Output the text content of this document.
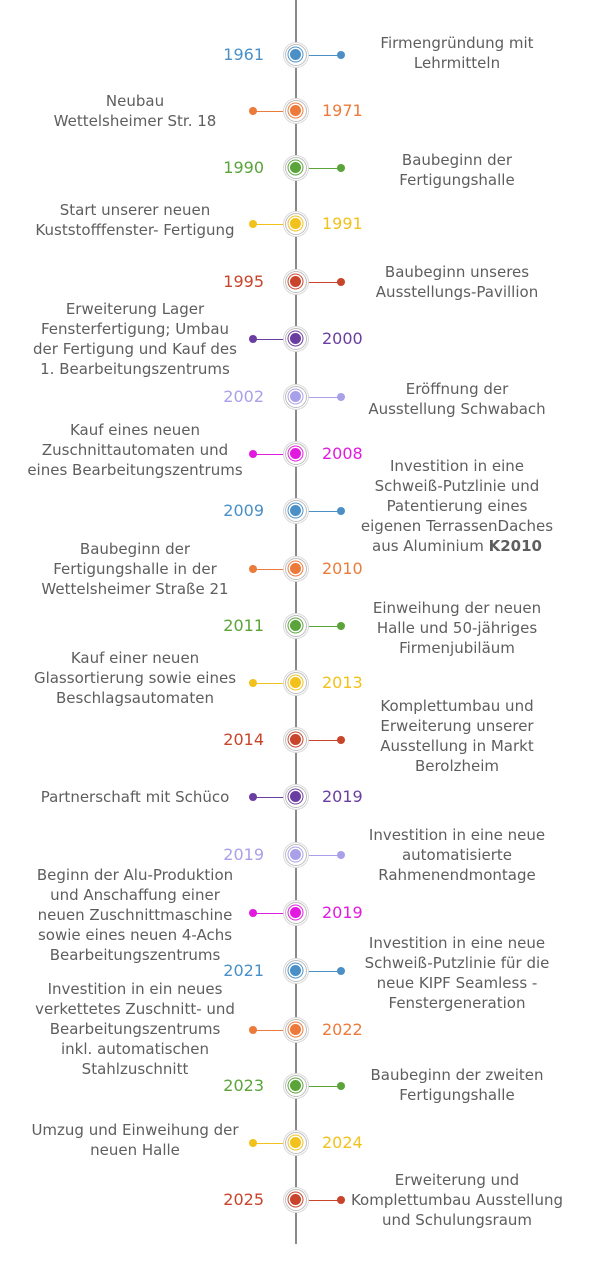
1961
Firmengründung mit
Lehrmitteln
1971
Neubau
Wettelsheimer Str. 18
1990	Baubeginn der
Fertigungshalle
1991
Start unserer neuen
Kuststofffenster- Fertigung
1995	Baubeginn unseres
Ausstellungs-Pavillion
2000
Erweiterung Lager
Fensterfertigung; Umbau
der Fertigung und Kauf des
1. Bearbeitungszentrums
2002	Eröffnung der
Ausstellung Schwabach
2008
Kauf eines neuen
Zuschnittautomaten und
eines Bearbeitungszentrums
2009
Investition in eine
Schweiß-Putzlinie und
Patentierung eines
eigenen TerrassenDaches
aus Aluminium K2010
2010
Baubeginn der
Fertigungshalle in der
Wettelsheimer Straße 21
2011
Einweihung der neuen
Halle und 50-jähriges
Firmenjubiläum
2013
Kauf einer neuen
Glassortierung sowie eines
Beschlagsautomaten
2014
Komplettumbau und
Erweiterung unserer
Ausstellung in Markt
Berolzheim
2019
Partnerschaft mit Schüco
2019
Investition in eine neue
automatisierte
Rahmenendmontage
2019
Beginn der Alu-Produktion
und Anschaffung einer
neuen Zuschnittmaschine
sowie eines neuen 4-Achs
Bearbeitungszentrums
2021
Investition in eine neue
Schweiß-Putzlinie für die
neue KIPF Seamless -
Fenstergeneration
2022
Investition in ein neues
verkettetes Zuschnitt- und
Bearbeitungszentrums
inkl. automatischen
Stahlzuschnitt
2023
Baubeginn der zweiten
Fertigungshalle
2024
Umzug und Einweihung der
neuen Halle
2025
Erweiterung und
Komplettumbau Ausstellung
und Schulungsraum
